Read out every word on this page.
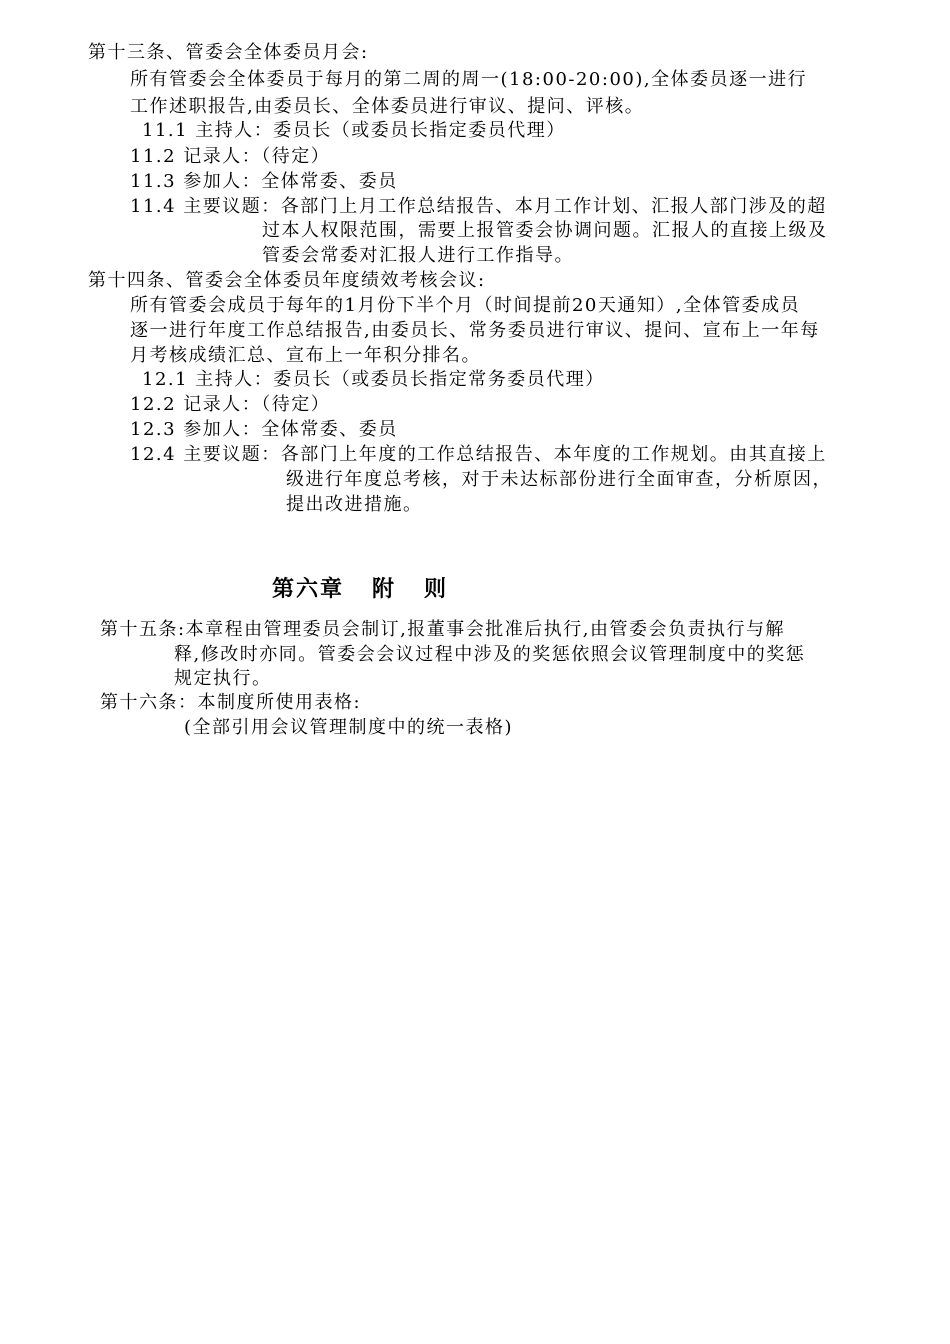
第十三条、管委会全体委员月会:
所有管委会全体委员于每月的第二周的周一(18:00-20:00),全体委员逐一进行
工作述职报告,由委员长、全体委员进行审议、提问、评核。
11.1 主持人：委员长（或委员长指定委员代理）
11.2 记录人：（待定）
11.3 参加人：全体常委、委员
11.4 主要议题：各部门上月工作总结报告、本月工作计划、汇报人部门涉及的超
过本人权限范围，需要上报管委会协调问题。汇报人的直接上级及
管委会常委对汇报人进行工作指导。
第十四条、管委会全体委员年度绩效考核会议:
所有管委会成员于每年的1月份下半个月（时间提前20天通知）,全体管委成员
逐一进行年度工作总结报告,由委员长、常务委员进行审议、提问、宣布上一年每
月考核成绩汇总、宣布上一年积分排名。
12.1 主持人：委员长（或委员长指定常务委员代理）
12.2 记录人：（待定）
12.3 参加人：全体常委、委员
12.4 主要议题：各部门上年度的工作总结报告、本年度的工作规划。由其直接上
级进行年度总考核，对于未达标部份进行全面审查，分析原因，
提出改进措施。
第六章 附 则
第十五条:本章程由管理委员会制订,报董事会批准后执行,由管委会负责执行与解
释,修改时亦同。管委会会议过程中涉及的奖惩依照会议管理制度中的奖惩
规定执行。
第十六条：本制度所使用表格:
(全部引用会议管理制度中的统一表格)
